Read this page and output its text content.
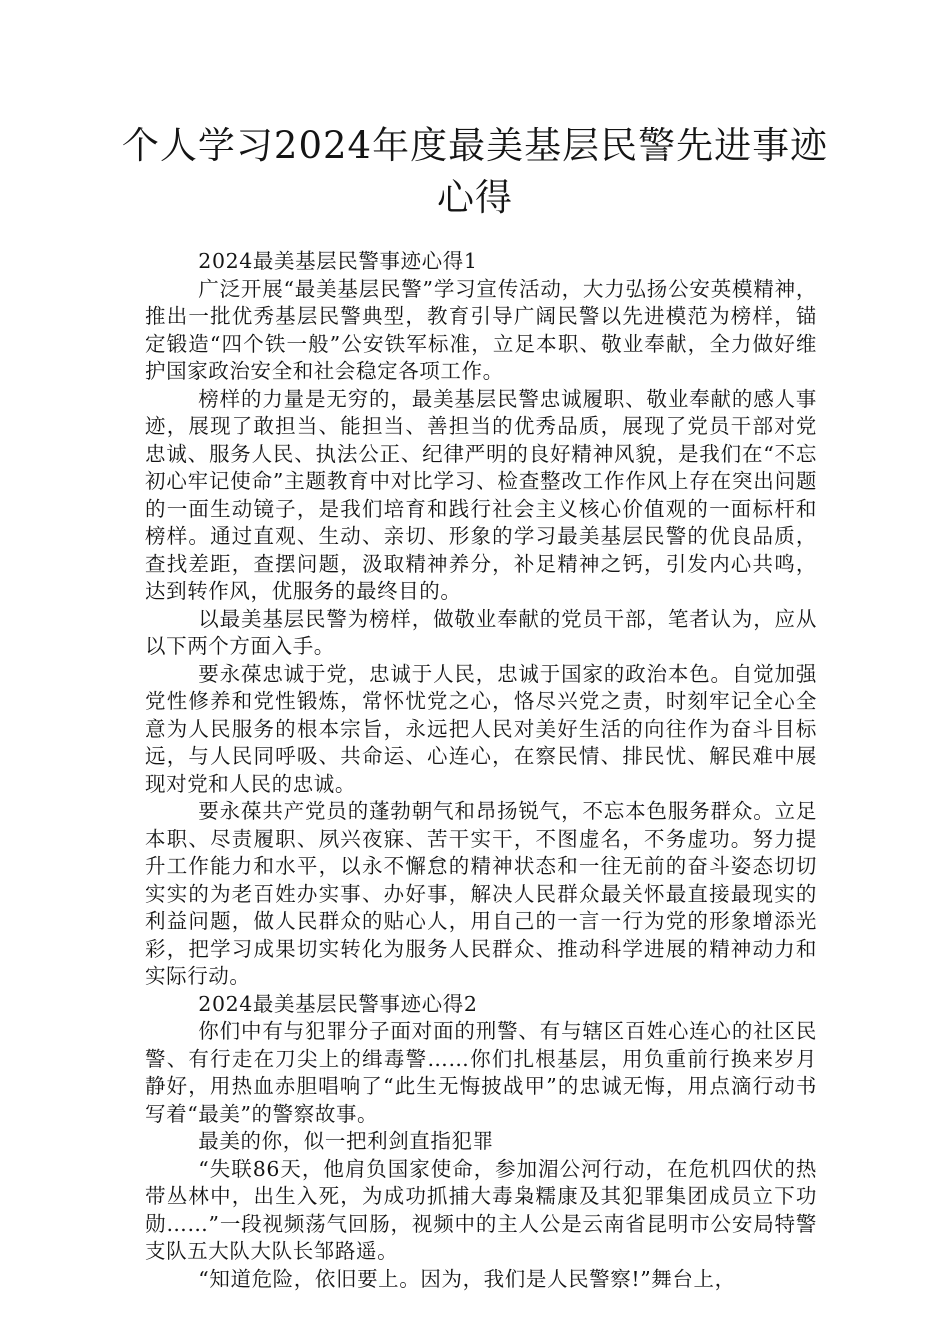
个人学习2024年度最美基层民警先进事迹
心得

2024最美基层民警事迹心得1

广泛开展“最美基层民警”学习宣传活动，大力弘扬公安英模精神，推出一批优秀基层民警典型，教育引导广阔民警以先进模范为榜样，锚定锻造“四个铁一般”公安铁军标准，立足本职、敬业奉献，全力做好维护国家政治安全和社会稳定各项工作。

榜样的力量是无穷的，最美基层民警忠诚履职、敬业奉献的感人事迹，展现了敢担当、能担当、善担当的优秀品质，展现了党员干部对党忠诚、服务人民、执法公正、纪律严明的良好精神风貌，是我们在“不忘初心牢记使命”主题教育中对比学习、检查整改工作作风上存在突出问题的一面生动镜子，是我们培育和践行社会主义核心价值观的一面标杆和榜样。通过直观、生动、亲切、形象的学习最美基层民警的优良品质，查找差距，查摆问题，汲取精神养分，补足精神之钙，引发内心共鸣，达到转作风，优服务的最终目的。

以最美基层民警为榜样，做敬业奉献的党员干部，笔者认为，应从以下两个方面入手。

要永葆忠诚于党，忠诚于人民，忠诚于国家的政治本色。自觉加强党性修养和党性锻炼，常怀忧党之心，恪尽兴党之责，时刻牢记全心全意为人民服务的根本宗旨，永远把人民对美好生活的向往作为奋斗目标远，与人民同呼吸、共命运、心连心，在察民情、排民忧、解民难中展现对党和人民的忠诚。

要永葆共产党员的蓬勃朝气和昂扬锐气，不忘本色服务群众。立足本职、尽责履职、夙兴夜寐、苦干实干，不图虚名，不务虚功。努力提升工作能力和水平，以永不懈怠的精神状态和一往无前的奋斗姿态切切实实的为老百姓办实事、办好事，解决人民群众最关怀最直接最现实的利益问题，做人民群众的贴心人，用自己的一言一行为党的形象增添光彩，把学习成果切实转化为服务人民群众、推动科学进展的精神动力和实际行动。

2024最美基层民警事迹心得2

你们中有与犯罪分子面对面的刑警、有与辖区百姓心连心的社区民警、有行走在刀尖上的缉毒警……你们扎根基层，用负重前行换来岁月静好，用热血赤胆唱响了“此生无悔披战甲”的忠诚无悔，用点滴行动书写着“最美”的警察故事。

最美的你，似一把利剑直指犯罪

“失联86天，他肩负国家使命，参加湄公河行动，在危机四伏的热带丛林中，出生入死，为成功抓捕大毒枭糯康及其犯罪集团成员立下功勋……”一段视频荡气回肠，视频中的主人公是云南省昆明市公安局特警支队五大队大队长邹路遥。

“知道危险，依旧要上。因为，我们是人民警察!”舞台上，
